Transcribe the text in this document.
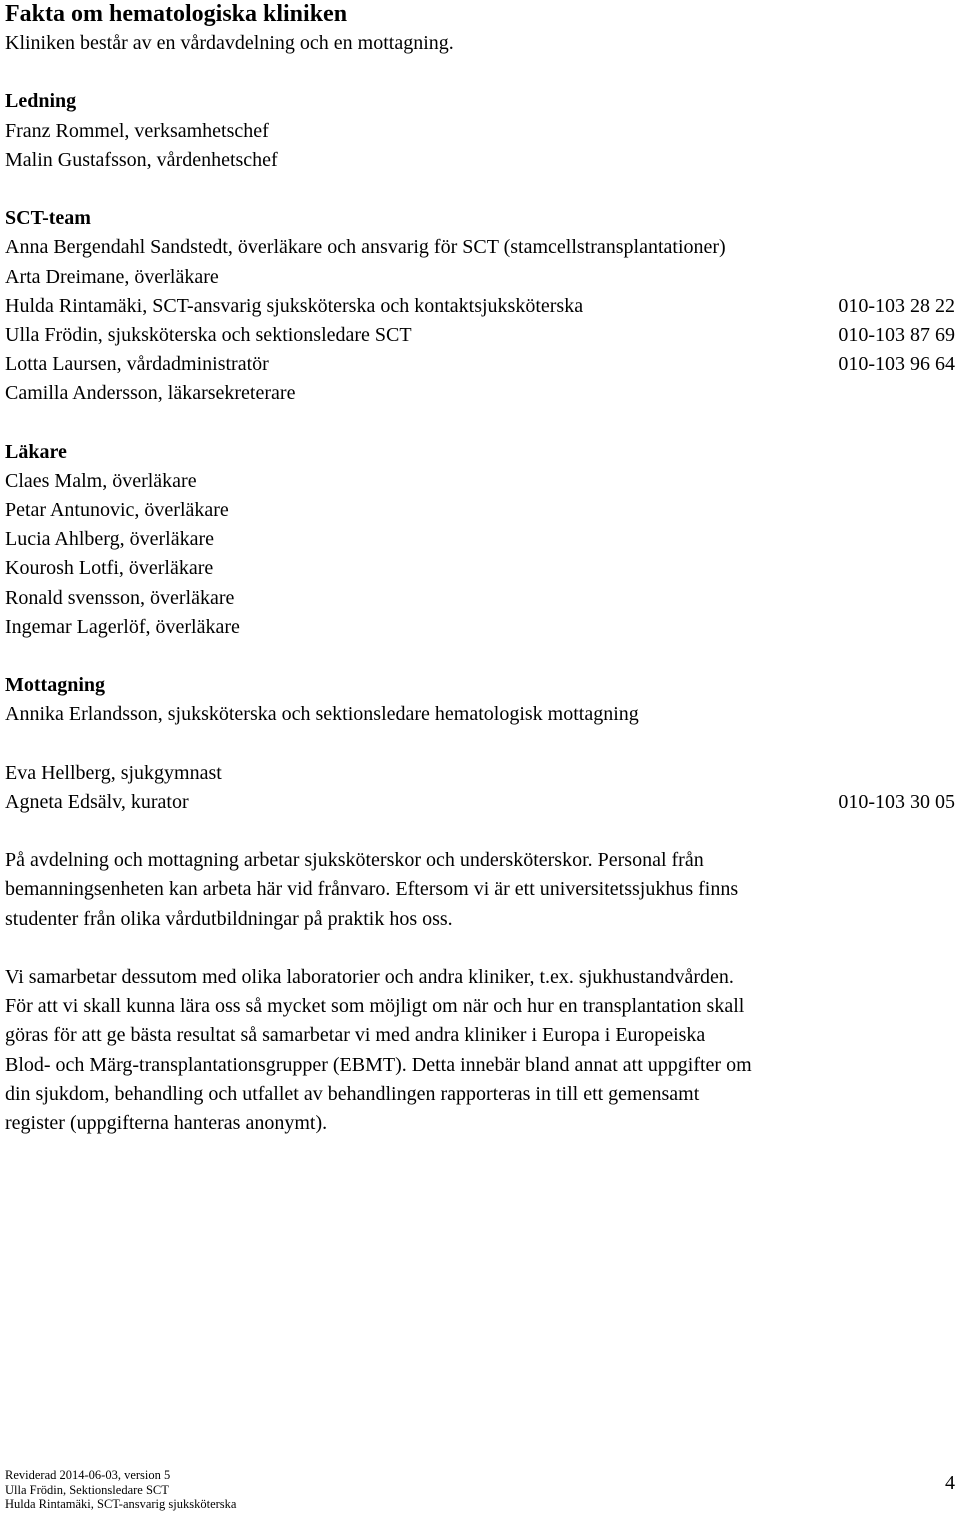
Fakta om hematologiska kliniken
Kliniken består av en vårdavdelning och en mottagning.
Ledning
Franz Rommel, verksamhetschef
Malin Gustafsson, vårdenhetschef
SCT-team
Anna Bergendahl Sandstedt, överläkare och ansvarig för SCT (stamcellstransplantationer)
Arta Dreimane, överläkare
Hulda Rintamäki, SCT-ansvarig sjuksköterska och kontaktsjuksköterska	010-103 28 22
Ulla Frödin, sjuksköterska och sektionsledare SCT	010-103 87 69
Lotta Laursen, vårdadministratör	010-103 96 64
Camilla Andersson, läkarsekreterare
Läkare
Claes Malm, överläkare
Petar Antunovic, överläkare
Lucia Ahlberg, överläkare
Kourosh Lotfi, överläkare
Ronald svensson, överläkare
Ingemar Lagerlöf, överläkare
Mottagning
Annika Erlandsson, sjuksköterska och sektionsledare hematologisk mottagning
Eva Hellberg, sjukgymnast
Agneta Edsälv, kurator	010-103 30 05
På avdelning och mottagning arbetar sjuksköterskor och undersköterskor. Personal från
bemanningsenheten kan arbeta här vid frånvaro. Eftersom vi är ett universitetssjukhus finns
studenter från olika vårdutbildningar på praktik hos oss.
Vi samarbetar dessutom med olika laboratorier och andra kliniker, t.ex. sjukhustandvården.
För att vi skall kunna lära oss så mycket som möjligt om när och hur en transplantation skall
göras för att ge bästa resultat så samarbetar vi med andra kliniker i Europa i Europeiska
Blod- och Märg-transplantationsgrupper (EBMT). Detta innebär bland annat att uppgifter om
din sjukdom, behandling och utfallet av behandlingen rapporteras in till ett gemensamt
register (uppgifterna hanteras anonymt).
Reviderad 2014-06-03, version 5
Ulla Frödin, Sektionsledare SCT
Hulda Rintamäki, SCT-ansvarig sjuksköterska
4
